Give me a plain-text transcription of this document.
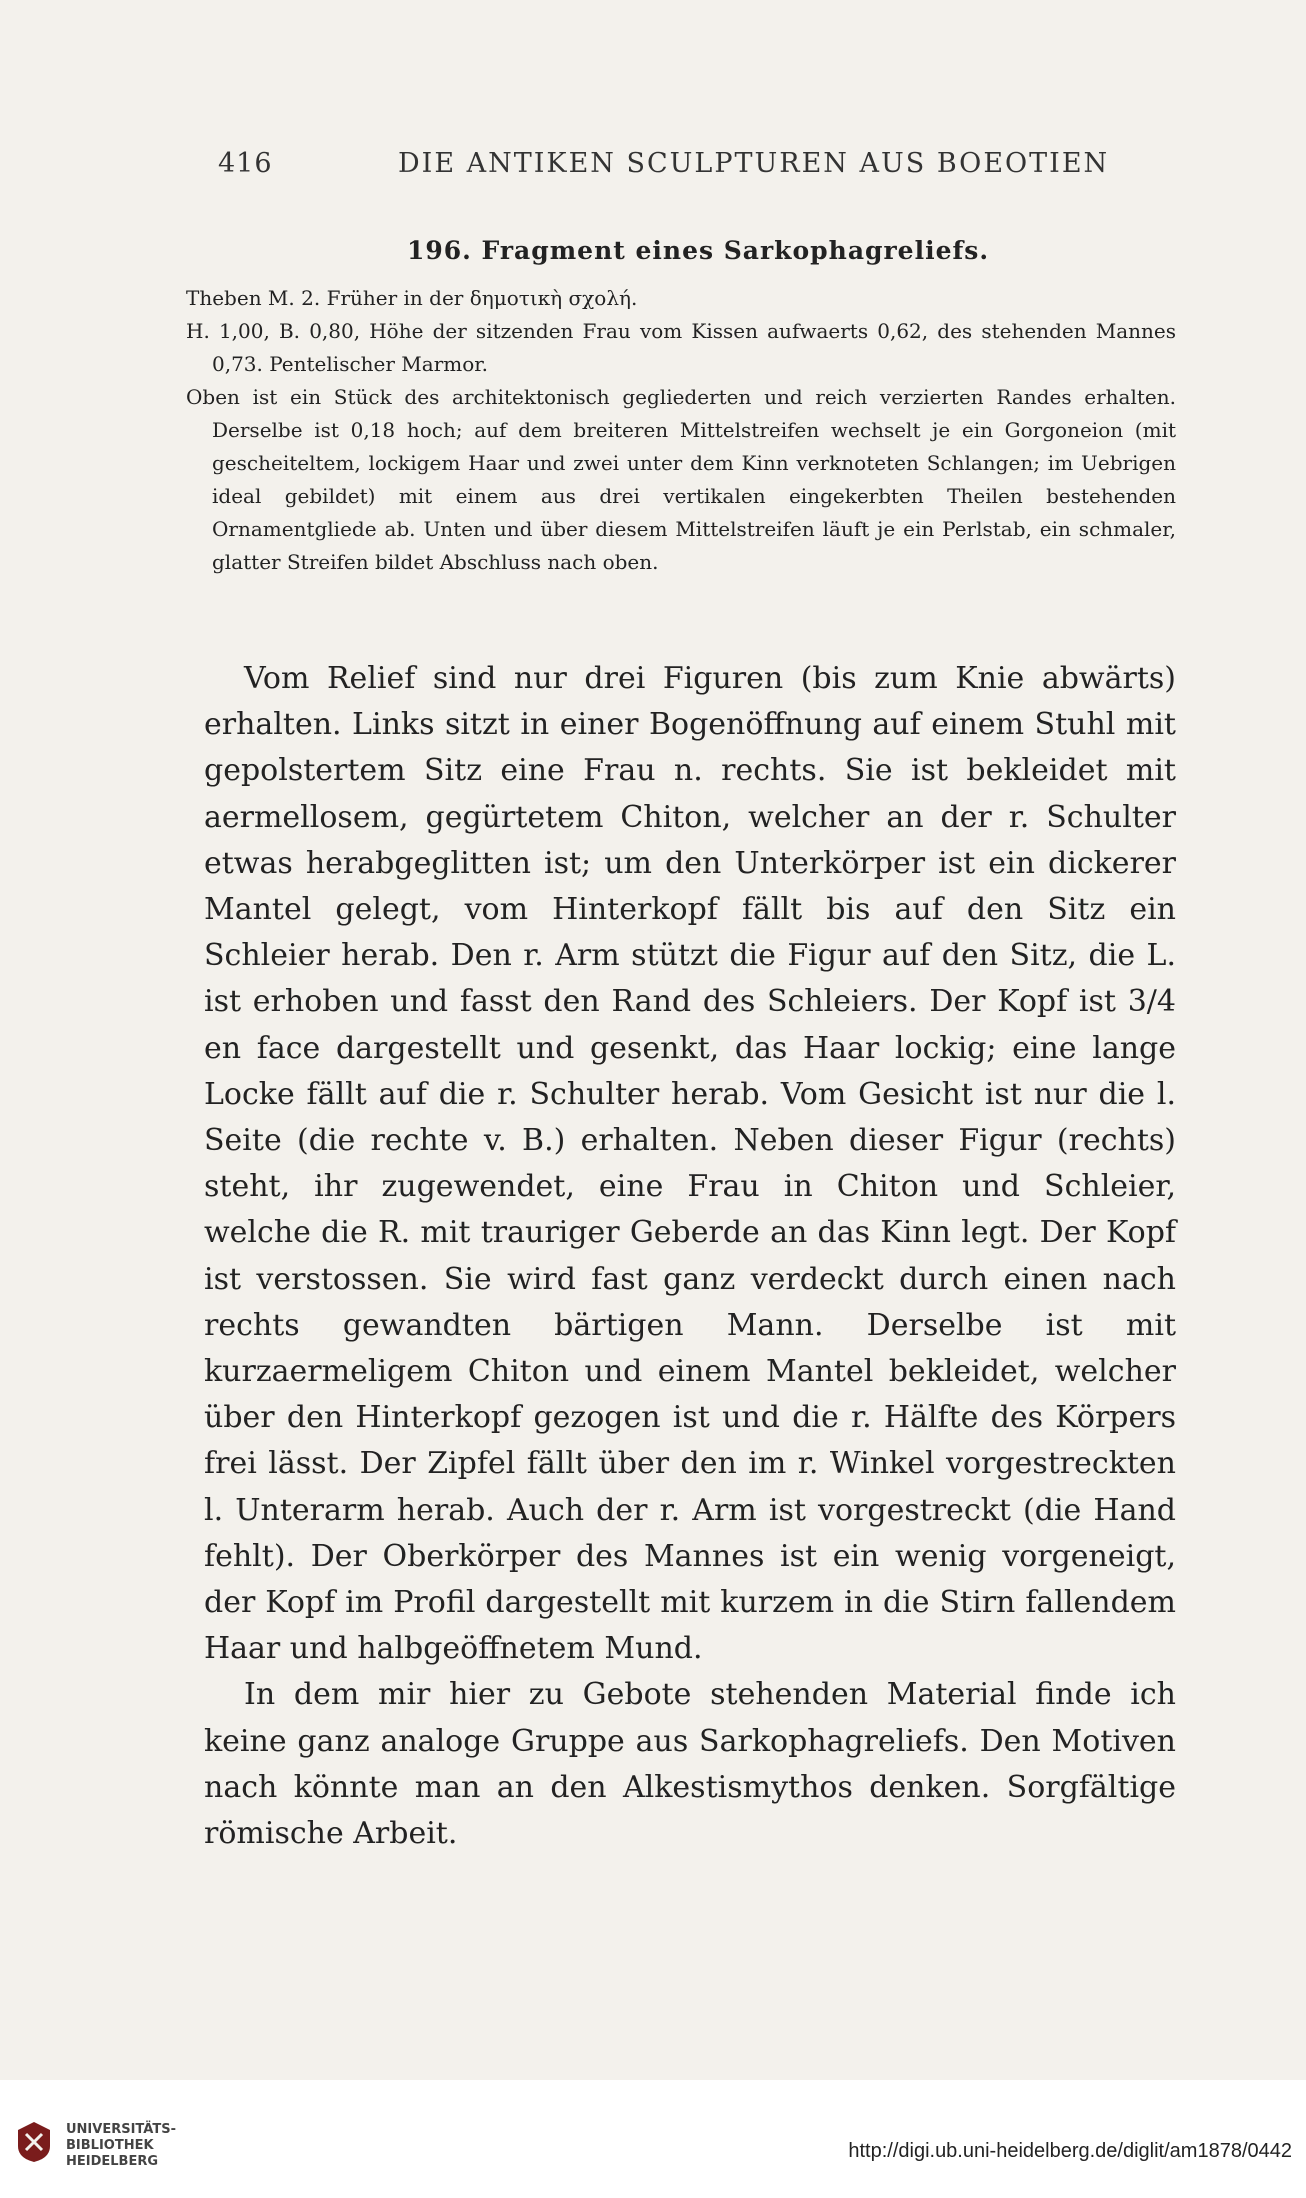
416	DIE ANTIKEN SCULPTUREN AUS BOEOTIEN
196. Fragment eines Sarkophagreliefs.

Theben M. 2. Früher in der δημοτικὴ σχολή.

H. 1,00, B. 0,80, Höhe der sitzenden Frau vom Kissen aufwaerts 0,62, des stehenden Mannes 0,73. Pentelischer Marmor.

Oben ist ein Stück des architektonisch gegliederten und reich verzierten Randes erhalten. Derselbe ist 0,18 hoch; auf dem breiteren Mittelstreifen wechselt je ein Gorgoneion (mit gescheiteltem, lockigem Haar und zwei unter dem Kinn verknoteten Schlangen; im Uebrigen ideal gebildet) mit einem aus drei vertikalen eingekerbten Theilen bestehenden Ornamentgliede ab. Unten und über diesem Mittelstreifen läuft je ein Perlstab, ein schmaler, glatter Streifen bildet Abschluss nach oben.

Vom Relief sind nur drei Figuren (bis zum Knie abwärts) erhalten. Links sitzt in einer Bogenöffnung auf einem Stuhl mit gepolstertem Sitz eine Frau n. rechts. Sie ist bekleidet mit aermellosem, gegürtetem Chiton, welcher an der r. Schulter etwas herabgeglitten ist; um den Unterkörper ist ein dickerer Mantel gelegt, vom Hinterkopf fällt bis auf den Sitz ein Schleier herab. Den r. Arm stützt die Figur auf den Sitz, die L. ist erhoben und fasst den Rand des Schleiers. Der Kopf ist 3/4 en face dargestellt und gesenkt, das Haar lockig; eine lange Locke fällt auf die r. Schulter herab. Vom Gesicht ist nur die l. Seite (die rechte v. B.) erhalten. Neben dieser Figur (rechts) steht, ihr zugewendet, eine Frau in Chiton und Schleier, welche die R. mit trauriger Geberde an das Kinn legt. Der Kopf ist verstossen. Sie wird fast ganz verdeckt durch einen nach rechts gewandten bärtigen Mann. Derselbe ist mit kurzaermeligem Chiton und einem Mantel bekleidet, welcher über den Hinterkopf gezogen ist und die r. Hälfte des Körpers frei lässt. Der Zipfel fällt über den im r. Winkel vorgestreckten l. Unterarm herab. Auch der r. Arm ist vorgestreckt (die Hand fehlt). Der Oberkörper des Mannes ist ein wenig vorgeneigt, der Kopf im Profil dargestellt mit kurzem in die Stirn fallendem Haar und halbgeöffnetem Mund.

In dem mir hier zu Gebote stehenden Material finde ich keine ganz analoge Gruppe aus Sarkophagreliefs. Den Motiven nach könnte man an den Alkestismythos denken. Sorgfältige römische Arbeit.

UNIVERSITÄTS-
BIBLIOTHEK
HEIDELBERG	http://digi.ub.uni-heidelberg.de/diglit/am1878/0442
